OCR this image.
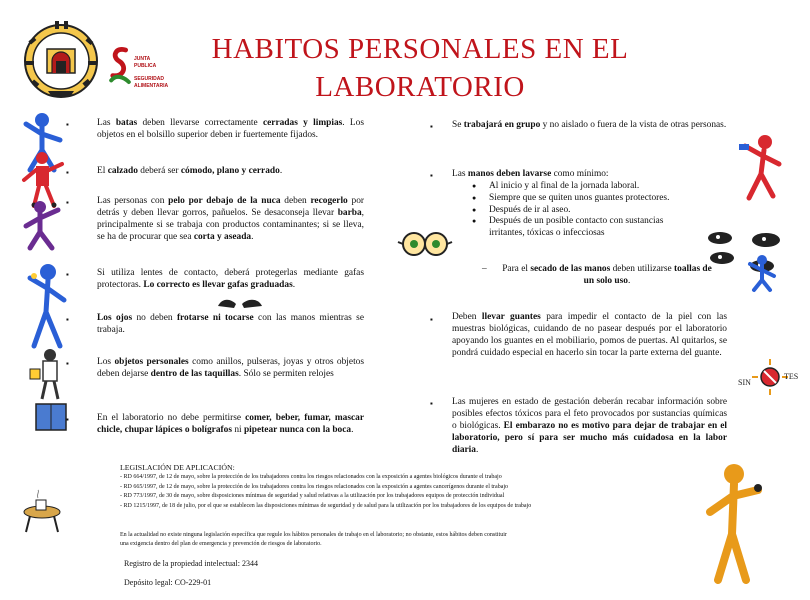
HABITOS PERSONALES EN EL
LABORATORIO
JUNTA
PUBLICA
SEGURIDAD
ALIMENTARIA
▪	Las batas deben llevarse correctamente cerradas y limpias. Los objetos en el bolsillo superior deben ir fuertemente fijados.

▪	El calzado deberá ser cómodo, plano y cerrado.

▪	Las personas con pelo por debajo de la nuca deben recogerlo por detrás y deben llevar gorros, pañuelos. Se desaconseja llevar barba, principalmente si se trabaja con productos contaminantes; si se lleva, se ha de procurar que sea corta y aseada.

▪	Si utiliza lentes de contacto, deberá protegerlas mediante gafas protectoras. Lo correcto es llevar gafas graduadas.

▪	Los ojos no deben frotarse ni tocarse con las manos mientras se trabaja.

▪	Los objetos personales como anillos, pulseras, joyas y otros objetos deben dejarse dentro de las taquillas. Sólo se permiten relojes

▪	En el laboratorio no debe permitirse comer, beber, fumar, mascar chicle, chupar lápices o bolígrafos ni pipetear nunca con la boca.

▪ Se trabajará en grupo y no aislado o fuera de la vista de otras personas.

▪ Las manos deben lavarse como mínimo:

● Al inicio y al final de la jornada laboral.
● Siempre que se quiten unos guantes protectores.
● Después de ir al aseo.
● Después de un posible contacto con sustancias
irritantes, tóxicas o infecciosas
–	Para el secado de las manos deben utilizarse toallas de un solo uso.

▪ Deben llevar guantes para impedir el contacto de la piel con las muestras biológicas, cuidando de no pasear después por el laboratorio apoyando los guantes en el mobiliario, pomos de puertas. Al quitarlos, se pondrá cuidado especial en hacerlo sin tocar la parte externa del guante.

▪ Las mujeres en estado de gestación deberán recabar información sobre posibles efectos tóxicos para el feto provocados por sustancias químicas o biológicas. El embarazo no es motivo para dejar de trabajar en el laboratorio, pero sí para ser mucho más cuidadosa en la labor diaria.

LEGISLACIÓN DE APLICACIÓN:
- RD 664/1997, de 12 de mayo, sobre la protección de los trabajadores contra los riesgos relacionados con la exposición a agentes biológicos durante el trabajo
- RD 665/1997, de 12 de mayo, sobre la protección de los trabajadores contra los riesgos relacionados con la exposición a agentes cancerígenos durante el trabajo
- RD 773/1997, de 30 de mayo, sobre disposiciones mínimas de seguridad y salud relativas a la utilización por los trabajadores equipos de protección individual
- RD 1215/1997, de 18 de julio, por el que se establecen las disposiciones mínimas de seguridad y de salud para la utilización por los trabajadores de los equipos de trabajo
En la actualidad no existe ninguna legislación específica que regule los hábitos personales de trabajo en el laboratorio; no obstante, estos hábitos deben constituir
una exigencia dentro del plan de emergencia y prevención de riesgos de laboratorio.
Registro de la propiedad intelectual: 2344
Depósito legal: CO-229-01
SIN
TES
